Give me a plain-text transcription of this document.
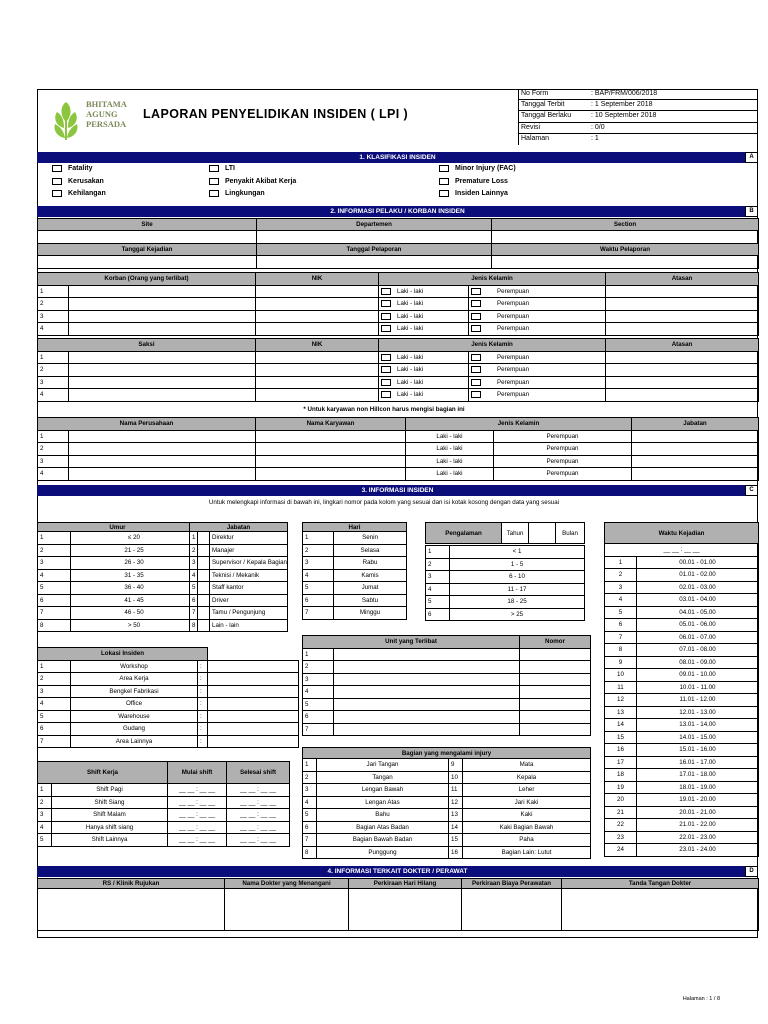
BHITAMA AGUNG PERSADA
LAPORAN PENYELIDIKAN INSIDEN ( LPI )
No Form	: BAP/FRM/006/2018
Tanggal Terbit	: 1 September 2018
Tanggal Berlaku	: 10 September 2018
Revisi	: 0/0
Halaman	: 1
1. KLASIFIKASI INSIDEN	A
Fatality
Kerusakan
Kehilangan
LTI
Penyakit Akibat Kerja
Lingkungan
Minor Injury (FAC)
Premature Loss
Insiden Lainnya
2. INFORMASI PELAKU / KORBAN INSIDEN	B
Site	Departemen	Section

Tanggal Kejadian	Tanggal Pelaporan	Waktu Pelaporan

Korban (Orang yang terlibat)		NIK	Jenis Kelamin		Atasan
1			Laki - laki	Perempuan	
2			Laki - laki	Perempuan	
3			Laki - laki	Perempuan	
4			Laki - laki	Perempuan	
Saksi		NIK	Jenis Kelamin		Atasan
1			Laki - laki	Perempuan	
2			Laki - laki	Perempuan	
3			Laki - laki	Perempuan	
4			Laki - laki	Perempuan	
* Untuk karyawan non Hillcon harus mengisi bagian ini
Nama Perusahaan		Nama Karyawan	Jenis Kelamin		Jabatan
1			Laki - laki	Perempuan	
2			Laki - laki	Perempuan	
3			Laki - laki	Perempuan	
4			Laki - laki	Perempuan	
3. INFORMASI INSIDEN	C
Untuk melengkapi informasi di bawah ini, lingkari nomor pada kolom yang sesuai dan isi kotak kosong dengan data yang sesuai
Umur	
1	≤ 20
2	21 - 25
3	26 - 30
4	31 - 35
5	36 - 40
6	41 - 45
7	46 - 50
8	> 50
Jabatan	
1	Direktur
2	Manajer
3	Supervisor / Kepala Bagian
4	Teknisi / Mekanik
5	Staff kantor
6	Driver
7	Tamu / Pengunjung
8	Lain - lain
Hari	
1	Senin
2	Selasa
3	Rabu
4	Kamis
5	Jumat
6	Sabtu
7	Minggu
Pengalaman		Tahun		Bulan

1	< 1			
2	1 - 5			
3	6 - 10			
4	11 - 17			
5	18 - 25			
6	> 25			
Waktu Kejadian	
__ __ : __ __	
1	00.01 - 01.00
2	01.01 - 02.00
3	02.01 - 03.00
4	03.01 - 04.00
5	04.01 - 05.00
6	05.01 - 06.00
7	06.01 - 07.00
8	07.01 - 08.00
9	08.01 - 09.00
10	09.01 - 10.00
11	10.01 - 11.00
12	11.01 - 12.00
13	12.01 - 13.00
14	13.01 - 14.00
15	14.01 - 15.00
16	15.01 - 16.00
17	16.01 - 17.00
18	17.01 - 18.00
19	18.01 - 19.00
20	19.01 - 20.00
21	20.01 - 21.00
22	21.01 - 22.00
23	22.01 - 23.00
24	23.01 - 24.00
Unit yang Terlibat		Nomor
1		
2		
3		
4		
5		
6		
7		
Lokasi Insiden			
1	Workshop	:	
2	Area Kerja	:	
3	Bengkel Fabrikasi	:	
4	Office	:	
5	Warehouse	:	
6	Gudang	:	
7	Area Lainnya	:	
Shift Kerja		Mulai shift	Selesai shift
1	Shift Pagi	__ __ : __ __	__ __ : __ __
2	Shift Siang	__ __ : __ __	__ __ : __ __
3	Shift Malam	__ __ : __ __	__ __ : __ __
4	Hanya shift siang	__ __ : __ __	__ __ : __ __
5	Shift Lainnya	__ __ : __ __	__ __ : __ __
Bagian yang mengalami injury			
1	Jari Tangan	9	Mata
2	Tangan	10	Kepala
3	Lengan Bawah	11	Leher
4	Lengan Atas	12	Jari Kaki
5	Bahu	13	Kaki
6	Bagian Atas Badan	14	Kaki Bagian Bawah
7	Bagian Bawah Badan	15	Paha
8	Punggung	16	Bagian Lain: Lutut
4. INFORMASI TERKAIT DOKTER / PERAWAT	D
RS / Klinik Rujukan	Nama Dokter yang Menangani	Perkiraan Hari Hilang	Perkiraan Biaya Perawatan	Tanda Tangan Dokter

Halaman : 1 / 8
